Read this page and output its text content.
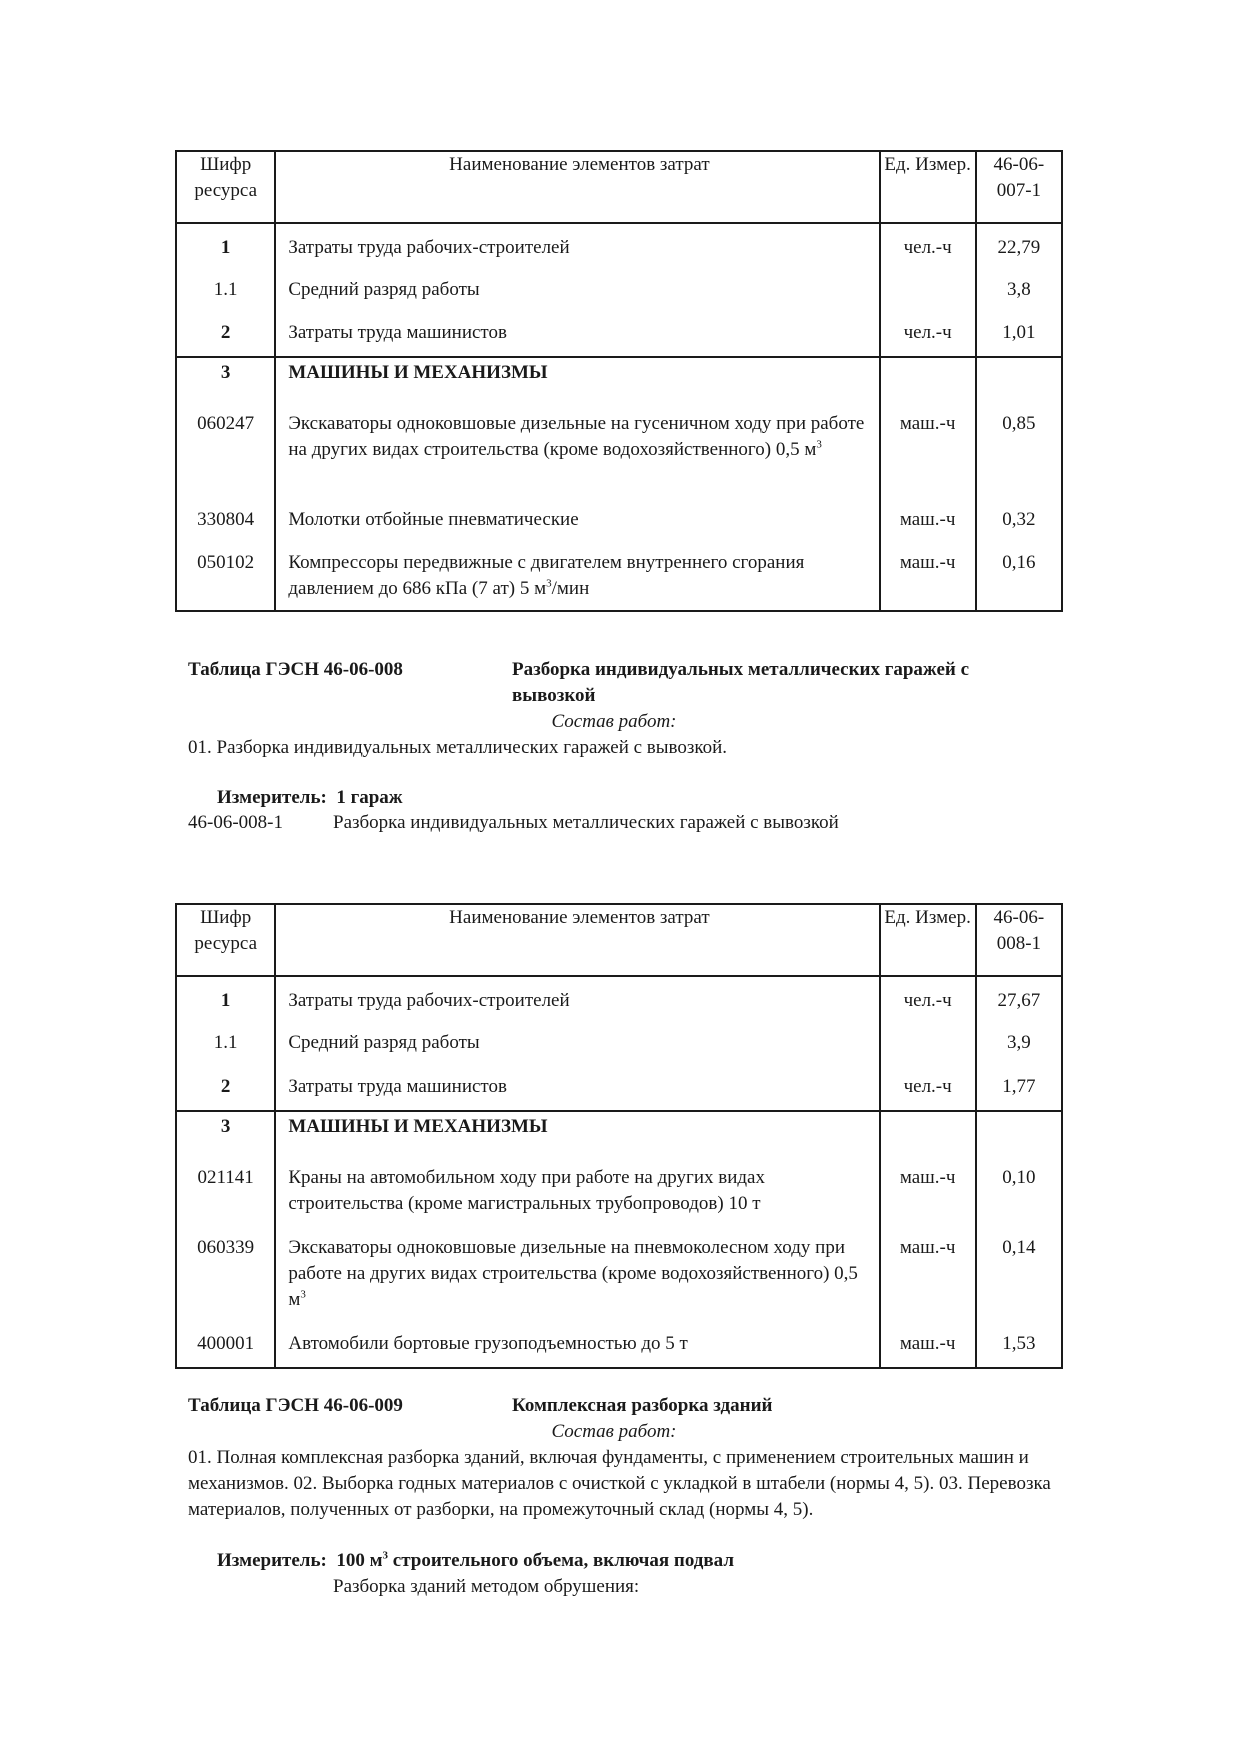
Шифр ресурса	Наименование элементов затрат	Ед. Измер.	46-06-007-1
1	Затраты труда рабочих-строителей	чел.-ч	22,79
1.1	Средний разряд работы		3,8
2	Затраты труда машинистов	чел.-ч	1,01
3	МАШИНЫ И МЕХАНИЗМЫ		
060247	Экскаваторы одноковшовые дизельные на гусеничном ходу при работе на других видах строительства (кроме водохозяйственного) 0,5 $м^3$	маш.-ч	0,85
330804	Молотки отбойные пневматические	маш.-ч	0,32
050102	Компрессоры передвижные с двигателем внутреннего сгорания давлением до 686 кПа (7 ат) 5 $м^3$/мин	маш.-ч	0,16
Таблица ГЭСН 46-06-008	Разборка индивидуальных металлических гаражей с вывозкой
Состав работ:
01. Разборка индивидуальных металлических гаражей с вывозкой.
Измеритель: 1 гараж
46-06-008-1	Разборка индивидуальных металлических гаражей с вывозкой
Шифр ресурса	Наименование элементов затрат	Ед. Измер.	46-06-008-1
1	Затраты труда рабочих-строителей	чел.-ч	27,67
1.1	Средний разряд работы		3,9
2	Затраты труда машинистов	чел.-ч	1,77
3	МАШИНЫ И МЕХАНИЗМЫ		
021141	Краны на автомобильном ходу при работе на других видах строительства (кроме магистральных трубопроводов) 10 т	маш.-ч	0,10
060339	Экскаваторы одноковшовые дизельные на пневмоколесном ходу при работе на других видах строительства (кроме водохозяйственного) 0,5 $м^3$	маш.-ч	0,14
400001	Автомобили бортовые грузоподъемностью до 5 т	маш.-ч	1,53
Таблица ГЭСН 46-06-009	Комплексная разборка зданий
Состав работ:
01. Полная комплексная разборка зданий, включая фундаменты, с применением строительных машин и механизмов. 02. Выборка годных материалов с очисткой с укладкой в штабели (нормы 4, 5). 03. Перевозка материалов, полученных от разборки, на промежуточный склад (нормы 4, 5).
Измеритель: 100 $м^3$ строительного объема, включая подвал
Разборка зданий методом обрушения:
